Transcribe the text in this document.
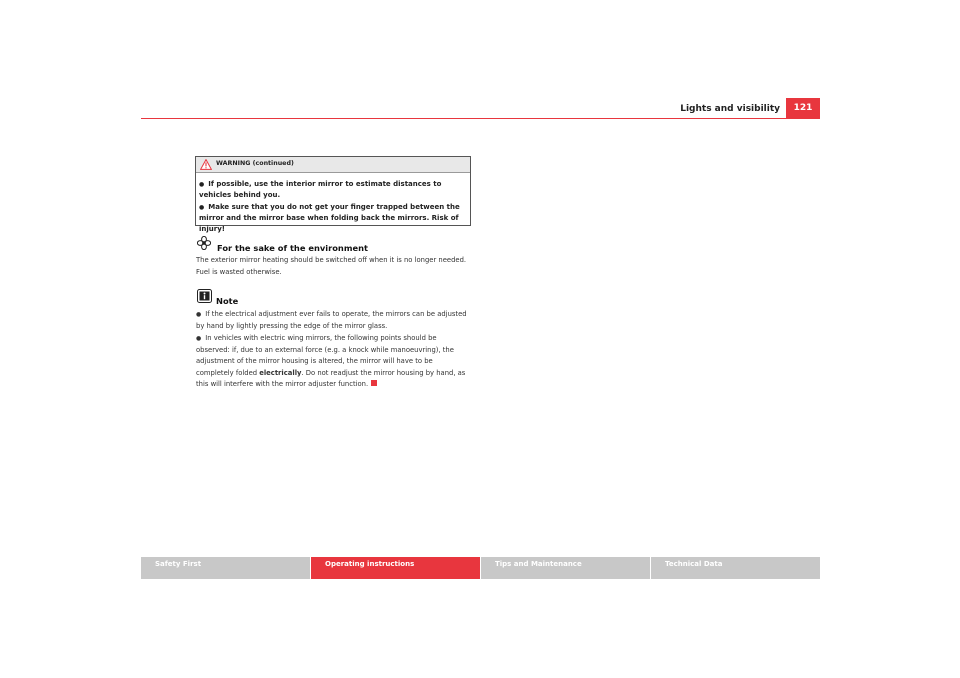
Lights and visibility	121
WARNING (continued)
● If possible, use the interior mirror to estimate distances to vehicles behind you.
● Make sure that you do not get your finger trapped between the mirror and the mirror base when folding back the mirrors. Risk of injury!
For the sake of the environment
The exterior mirror heating should be switched off when it is no longer needed. Fuel is wasted otherwise.
Note
● If the electrical adjustment ever fails to operate, the mirrors can be adjusted by hand by lightly pressing the edge of the mirror glass.
● In vehicles with electric wing mirrors, the following points should be observed: if, due to an external force (e.g. a knock while manoeuvring), the adjustment of the mirror housing is altered, the mirror will have to be completely folded electrically. Do not readjust the mirror housing by hand, as this will interfere with the mirror adjuster function.
Safety First	Operating instructions	Tips and Maintenance	Technical Data
